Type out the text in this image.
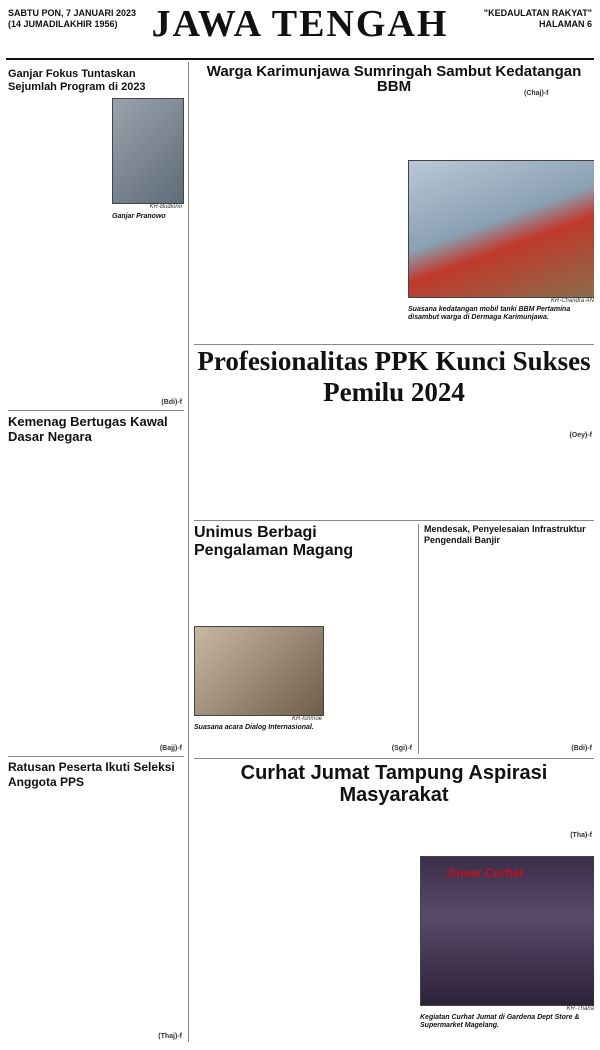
SABTU PON, 7 JANUARI 2023
(14 JUMADILAKHIR 1956) JAWA TENGAH	"KEDAULATAN RAKYAT"
HALAMAN 6
Ganjar Fokus Tuntaskan Sejumlah Program di 2023
KR-Budiono
Ganjar Pranowo
(Bdi)-f
Kemenag Bertugas Kawal Dasar Negara
(Bajj)-f
Ratusan Peserta Ikuti Seleksi Anggota PPS
(Thaj)-f
Warga Karimunjawa Sumringah Sambut Kedatangan BBM
KR-Chandra AN
Suasana kedatangan mobil tanki BBM Pertamina disambut warga di Dermaga Karimunjawa.
(Chaj)-f
Profesionalitas PPK Kunci Sukses Pemilu 2024
(Oey)-f
Unimus Berbagi Pengalaman Magang
KR-Ishmoe
Suasana acara Dialog Internasional.
(Sgi)-f
Mendesak, Penyelesaian Infrastruktur Pengendali Banjir
(Bdi)-f
Curhat Jumat Tampung Aspirasi Masyarakat
Jumat Curhat
KR-Thaha
Kegiatan Curhat Jumat di Gardena Dept Store & Supermarket Magelang.
(Tha)-f
